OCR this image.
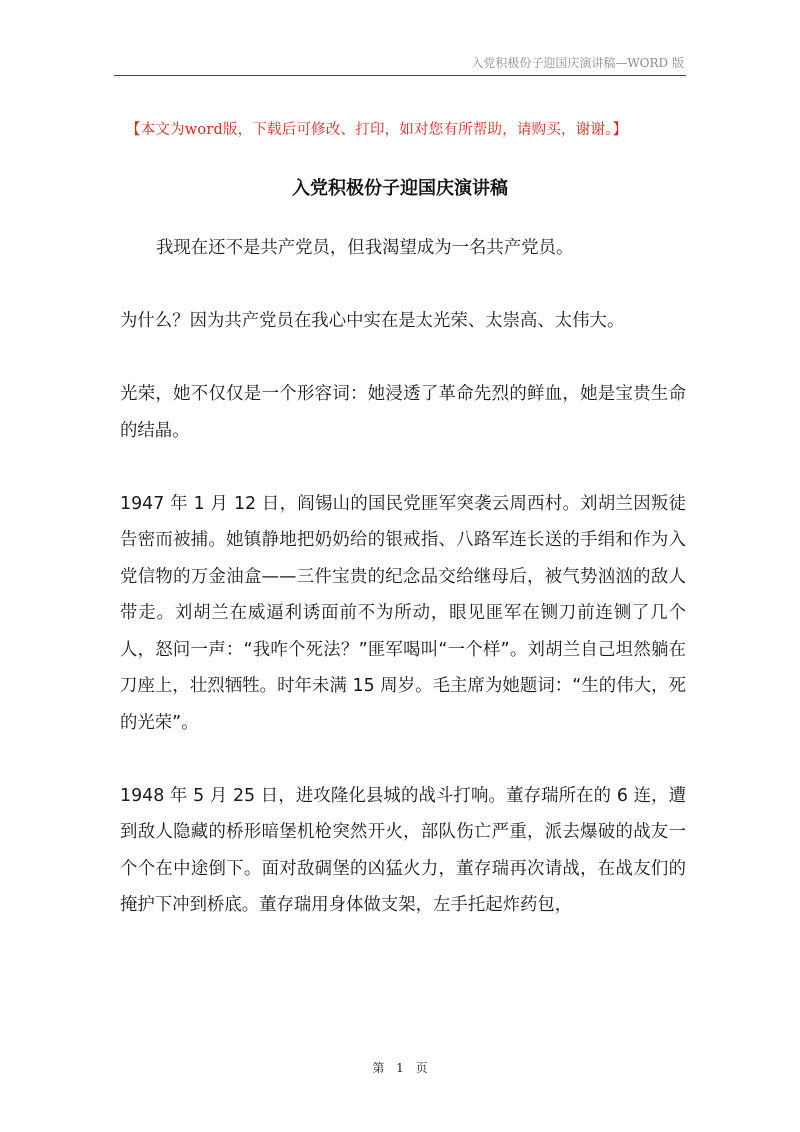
入党积极份子迎国庆演讲稿—WORD 版
【本文为word版，下载后可修改、打印，如对您有所帮助，请购买，谢谢。】
入党积极份子迎国庆演讲稿

我现在还不是共产党员，但我渴望成为一名共产党员。

为什么？因为共产党员在我心中实在是太光荣、太崇高、太伟大。

光荣，她不仅仅是一个形容词：她浸透了革命先烈的鲜血，她是宝贵生命的结晶。

1947 年 1 月 12 日，阎锡山的国民党匪军突袭云周西村。刘胡兰因叛徒告密而被捕。她镇静地把奶奶给的银戒指、八路军连长送的手绢和作为入党信物的万金油盒——三件宝贵的纪念品交给继母后，被气势汹汹的敌人带走。刘胡兰在威逼利诱面前不为所动，眼见匪军在铡刀前连铡了几个人，怒问一声：“我咋个死法？”匪军喝叫“一个样”。刘胡兰自己坦然躺在刀座上，壮烈牺牲。时年未满 15 周岁。毛主席为她题词：“生的伟大，死的光荣”。

1948 年 5 月 25 日，进攻隆化县城的战斗打响。董存瑞所在的 6 连，遭到敌人隐藏的桥形暗堡机枪突然开火，部队伤亡严重，派去爆破的战友一个个在中途倒下。面对敌碉堡的凶猛火力，董存瑞再次请战，在战友们的掩护下冲到桥底。董存瑞用身体做支架，左手托起炸药包，

第 1 页
